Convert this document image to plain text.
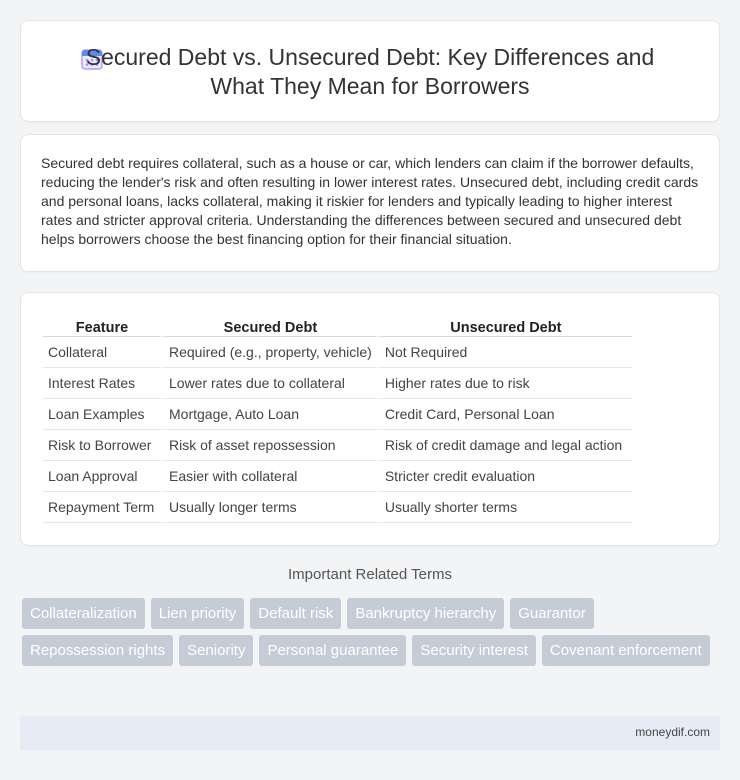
Secured Debt vs. Unsecured Debt: Key Differences and
What They Mean for Borrowers

Secured debt requires collateral, such as a house or car, which lenders can claim if the borrower defaults, reducing the lender's risk and often resulting in lower interest rates. Unsecured debt, including credit cards and personal loans, lacks collateral, making it riskier for lenders and typically leading to higher interest rates and stricter approval criteria. Understanding the differences between secured and unsecured debt helps borrowers choose the best financing option for their financial situation.

Feature	Secured Debt	Unsecured Debt
Collateral	Required (e.g., property, vehicle)	Not Required
Interest Rates	Lower rates due to collateral	Higher rates due to risk
Loan Examples	Mortgage, Auto Loan	Credit Card, Personal Loan
Risk to Borrower	Risk of asset repossession	Risk of credit damage and legal action
Loan Approval	Easier with collateral	Stricter credit evaluation
Repayment Term	Usually longer terms	Usually shorter terms
Important Related Terms
Collateralization	Lien priority	Default risk	Bankruptcy hierarchy	Guarantor
Repossession rights	Seniority	Personal guarantee	Security interest	Covenant enforcement
moneydif.com
